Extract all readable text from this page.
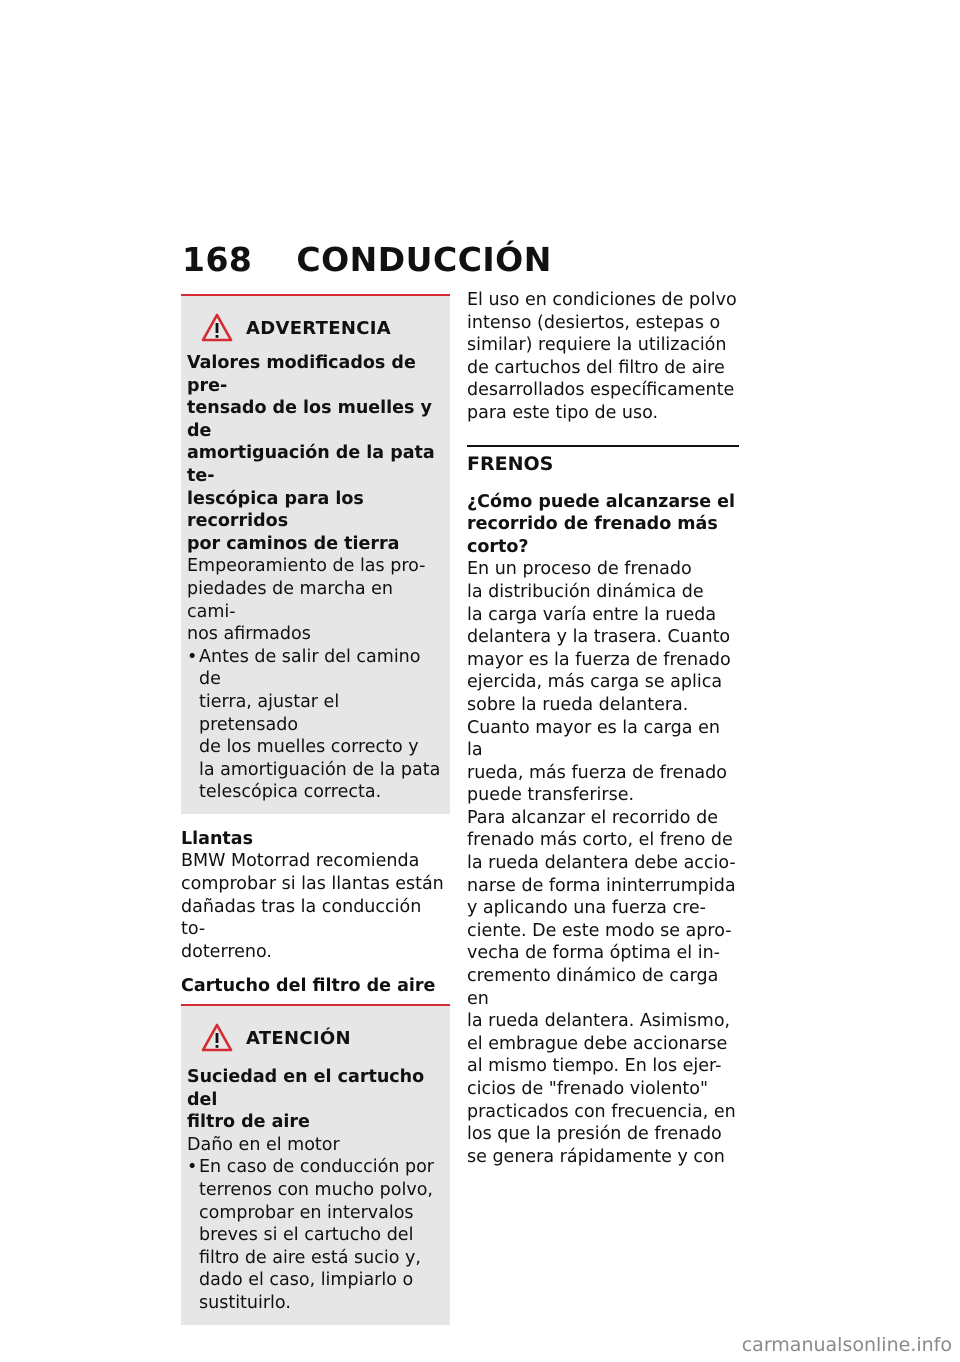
168 CONDUCCIÓN
ADVERTENCIA
Valores modificados de pre-
tensado de los muelles y de
amortiguación de la pata te-
lescópica para los recorridos
por caminos de tierra
Empeoramiento de las pro-
piedades de marcha en cami-
nos afirmados
• Antes de salir del camino de
tierra, ajustar el pretensado
de los muelles correcto y
la amortiguación de la pata
telescópica correcta.
Llantas
BMW Motorrad recomienda
comprobar si las llantas están
dañadas tras la conducción to-
doterreno.
Cartucho del filtro de aire
ATENCIÓN
Suciedad en el cartucho del
filtro de aire
Daño en el motor
• En caso de conducción por
terrenos con mucho polvo,
comprobar en intervalos
breves si el cartucho del
filtro de aire está sucio y,
dado el caso, limpiarlo o
sustituirlo.
El uso en condiciones de polvo
intenso (desiertos, estepas o
similar) requiere la utilización
de cartuchos del filtro de aire
desarrollados específicamente
para este tipo de uso.
FRENOS
¿Cómo puede alcanzarse el
recorrido de frenado más
corto?
En un proceso de frenado
la distribución dinámica de
la carga varía entre la rueda
delantera y la trasera. Cuanto
mayor es la fuerza de frenado
ejercida, más carga se aplica
sobre la rueda delantera.
Cuanto mayor es la carga en la
rueda, más fuerza de frenado
puede transferirse.
Para alcanzar el recorrido de
frenado más corto, el freno de
la rueda delantera debe accio-
narse de forma ininterrumpida
y aplicando una fuerza cre-
ciente. De este modo se apro-
vecha de forma óptima el in-
cremento dinámico de carga en
la rueda delantera. Asimismo,
el embrague debe accionarse
al mismo tiempo. En los ejer-
cicios de "frenado violento"
practicados con frecuencia, en
los que la presión de frenado
se genera rápidamente y con
carmanualsonline.info
